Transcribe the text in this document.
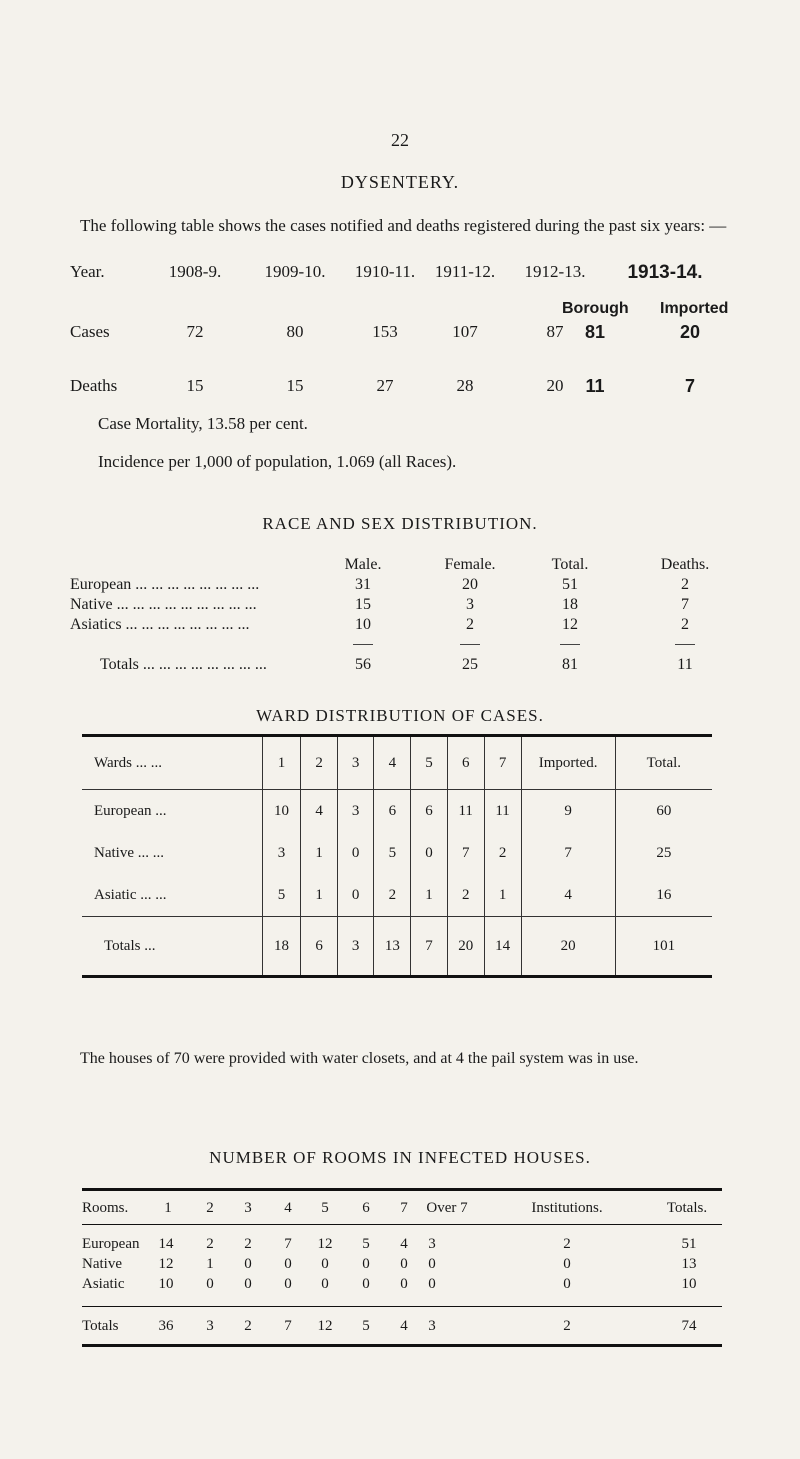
22
DYSENTERY.
The following table shows the cases notified and deaths registered during the past six years: —
Year.	1908-9.	1909-10.	1910-11.	1911-12.	1912-13.	1913-14.
Borough Imported
Cases	72	80	153	107	87	81	20
Deaths	15	15	27	28	20	11	7
Case Mortality, 13.58 per cent.
Incidence per 1,000 of population, 1.069 (all Races).
RACE AND SEX DISTRIBUTION.
Male.	Female.	Total.	Deaths.
European ... ... ... ... ... ... ... ...	31	20	51	2
Native ... ... ... ... ... ... ... ... ...	15	3	18	7
Asiatics ... ... ... ... ... ... ... ...	10	2	12	2
Totals ... ... ... ... ... ... ... ...	56	25	81	11
WARD DISTRIBUTION OF CASES.
Wards ... ...	1	2	3	4	5	6	7	Imported.	Total.
European ...	10	4	3	6	6	11	11	9	60
Native ... ...	3	1	0	5	0	7	2	7	25
Asiatic ... ...	5	1	0	2	1	2	1	4	16
Totals ...	18	6	3	13	7	20	14	20	101
The houses of 70 were provided with water closets, and at 4 the pail system was in use.
NUMBER OF ROOMS IN INFECTED HOUSES.
Rooms.	1	2	3	4	5	6	7	Over 7	Institutions.	Totals.
European	14	2	2	7	12	5	4	3	2	51
Native	12	1	0	0	0	0	0	0	0	13
Asiatic	10	0	0	0	0	0	0	0	0	10
Totals	36	3	2	7	12	5	4	3	2	74
